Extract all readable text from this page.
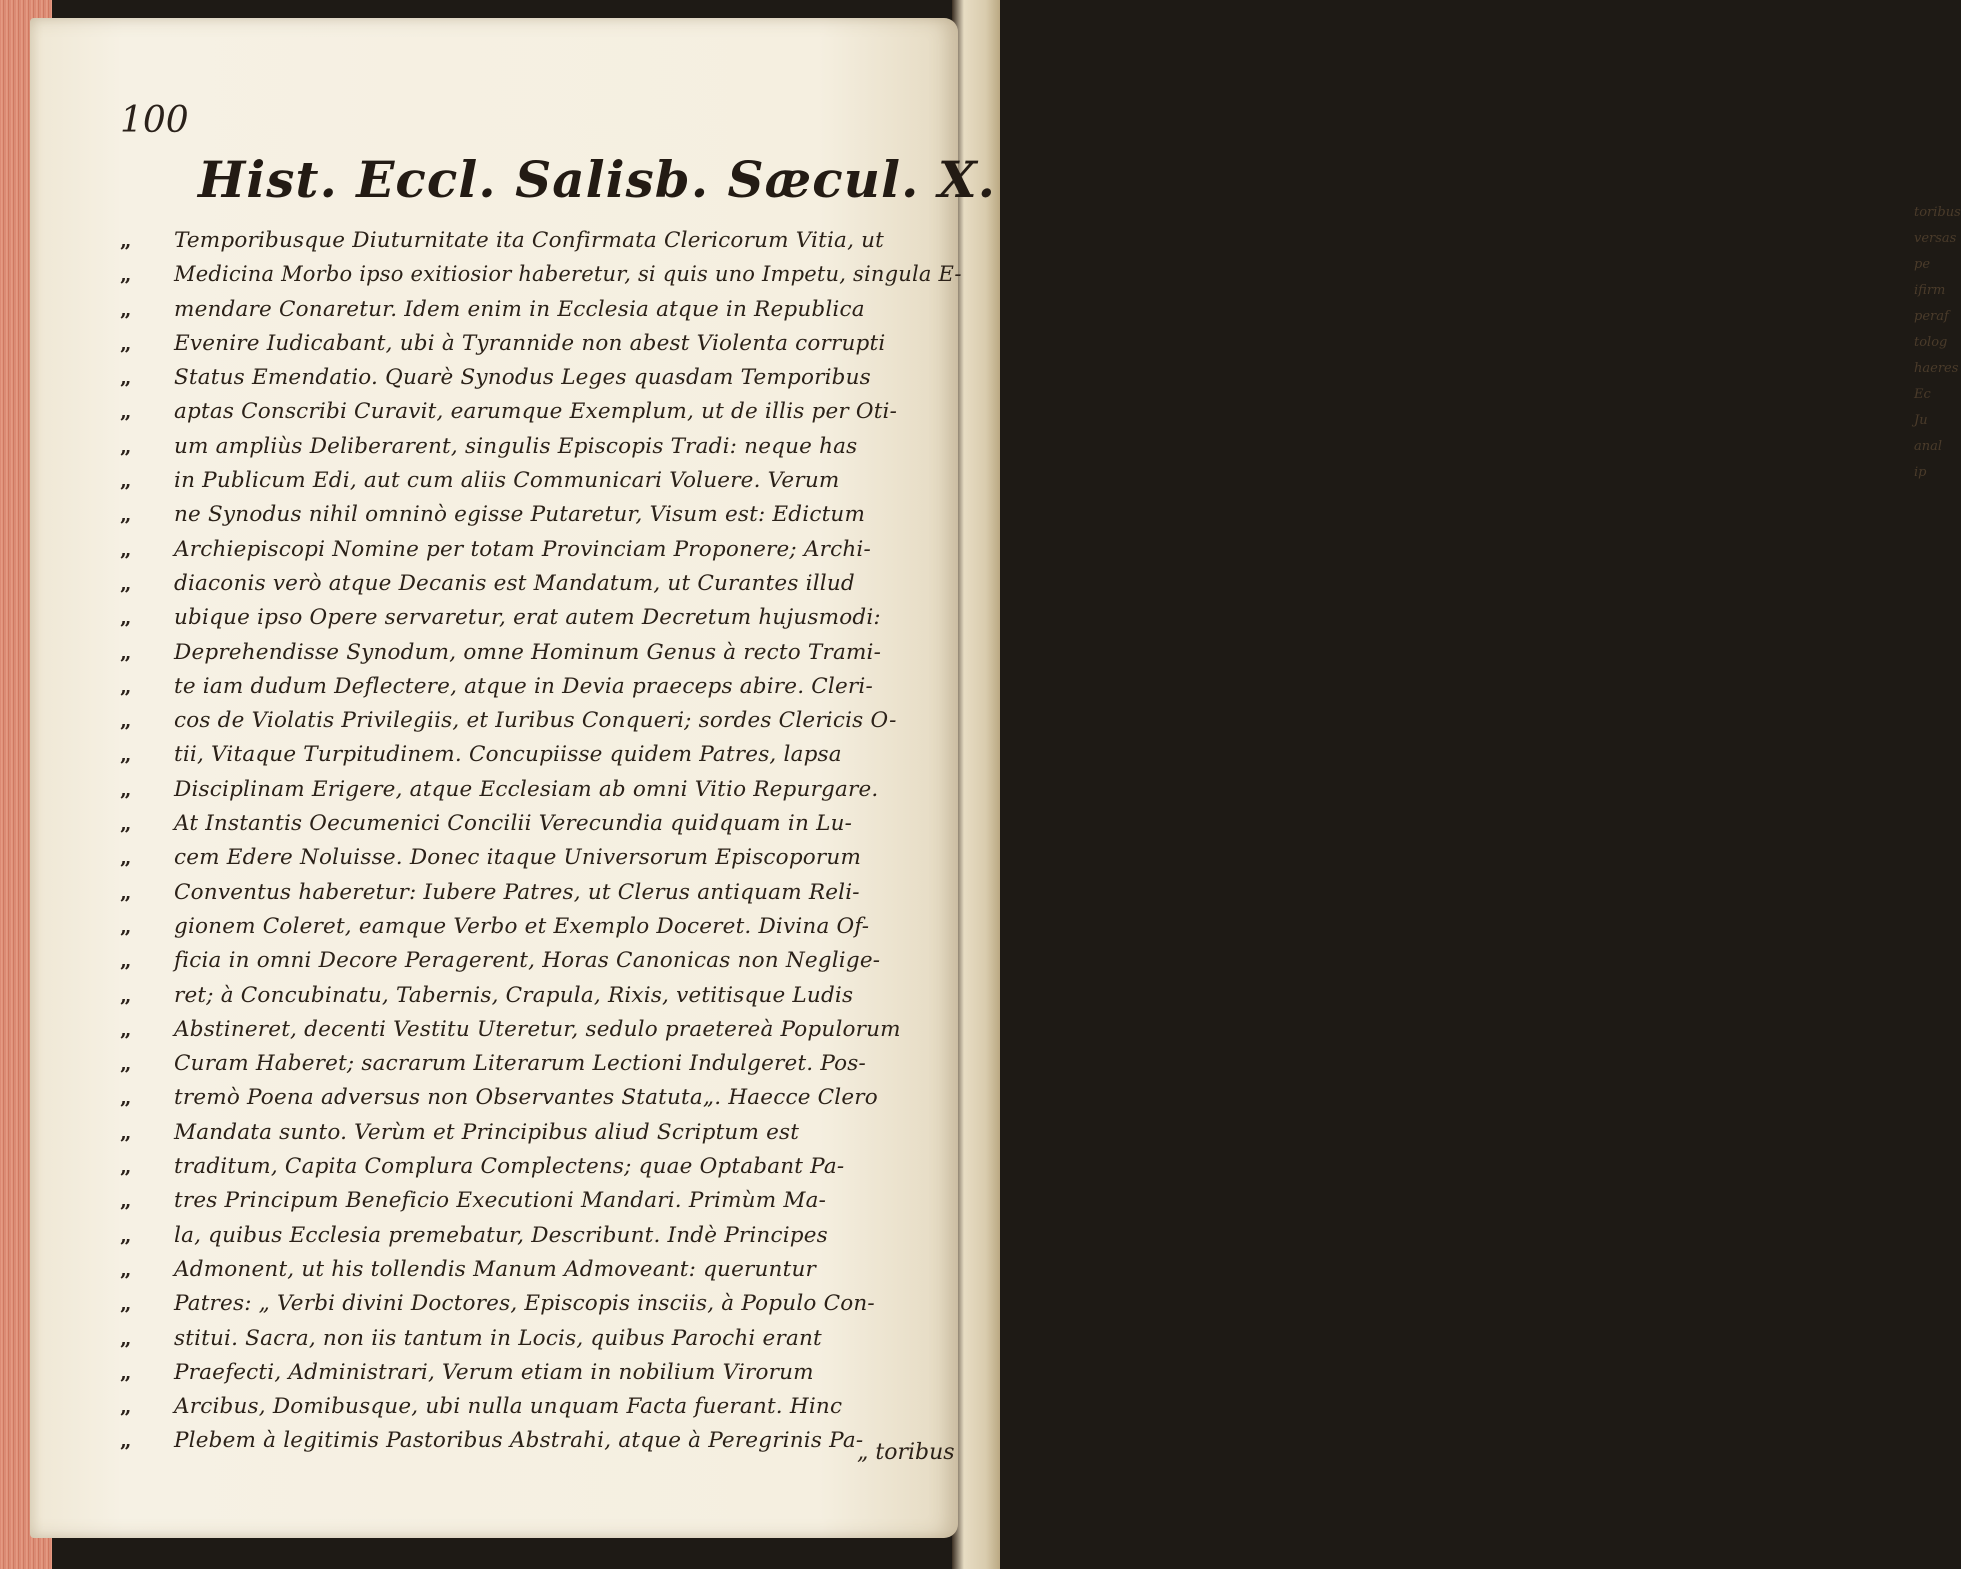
toribus
versas pe
ifirm
peraf
tolog
haeres
Ec
Ju
anal
ip
100
Hist. Eccl. Salisb. Sæcul. X.
„	Temporibusque Diuturnitate ita Confirmata Clericorum Vitia, ut
„	Medicina Morbo ipso exitiosior haberetur, si quis uno Impetu, singula E-
„	mendare Conaretur. Idem enim in Ecclesia atque in Republica
„	Evenire Iudicabant, ubi à Tyrannide non abest Violenta corrupti
„	Status Emendatio. Quarè Synodus Leges quasdam Temporibus
„	aptas Conscribi Curavit, earumque Exemplum, ut de illis per Oti-
„	um ampliùs Deliberarent, singulis Episcopis Tradi: neque has
„	in Publicum Edi, aut cum aliis Communicari Voluere. Verum
„	ne Synodus nihil omninò egisse Putaretur, Visum est: Edictum
„	Archiepiscopi Nomine per totam Provinciam Proponere; Archi-
„	diaconis verò atque Decanis est Mandatum, ut Curantes illud
„	ubique ipso Opere servaretur, erat autem Decretum hujusmodi:
„	Deprehendisse Synodum, omne Hominum Genus à recto Trami-
„	te iam dudum Deflectere, atque in Devia praeceps abire. Cleri-
„	cos de Violatis Privilegiis, et Iuribus Conqueri; sordes Clericis O-
„	tii, Vitaque Turpitudinem. Concupiisse quidem Patres, lapsa
„	Disciplinam Erigere, atque Ecclesiam ab omni Vitio Repurgare.
„	At Instantis Oecumenici Concilii Verecundia quidquam in Lu-
„	cem Edere Noluisse. Donec itaque Universorum Episcoporum
„	Conventus haberetur: Iubere Patres, ut Clerus antiquam Reli-
„	gionem Coleret, eamque Verbo et Exemplo Doceret. Divina Of-
„	ficia in omni Decore Peragerent, Horas Canonicas non Neglige-
„	ret; à Concubinatu, Tabernis, Crapula, Rixis, vetitisque Ludis
„	Abstineret, decenti Vestitu Uteretur, sedulo praetereà Populorum
„	Curam Haberet; sacrarum Literarum Lectioni Indulgeret. Pos-
„	tremò Poena adversus non Observantes Statuta„. Haecce Clero
„	Mandata sunto. Verùm et Principibus aliud Scriptum est
„	traditum, Capita Complura Complectens; quae Optabant Pa-
„	tres Principum Beneficio Executioni Mandari. Primùm Ma-
„	la, quibus Ecclesia premebatur, Describunt. Indè Principes
„	Admonent, ut his tollendis Manum Admoveant: queruntur
„	Patres: „ Verbi divini Doctores, Episcopis insciis, à Populo Con-
„	stitui. Sacra, non iis tantum in Locis, quibus Parochi erant
„	Praefecti, Administrari, Verum etiam in nobilium Virorum
„	Arcibus, Domibusque, ubi nulla unquam Facta fuerant. Hinc
„	Plebem à legitimis Pastoribus Abstrahi, atque à Peregrinis Pa-
„ toribus
